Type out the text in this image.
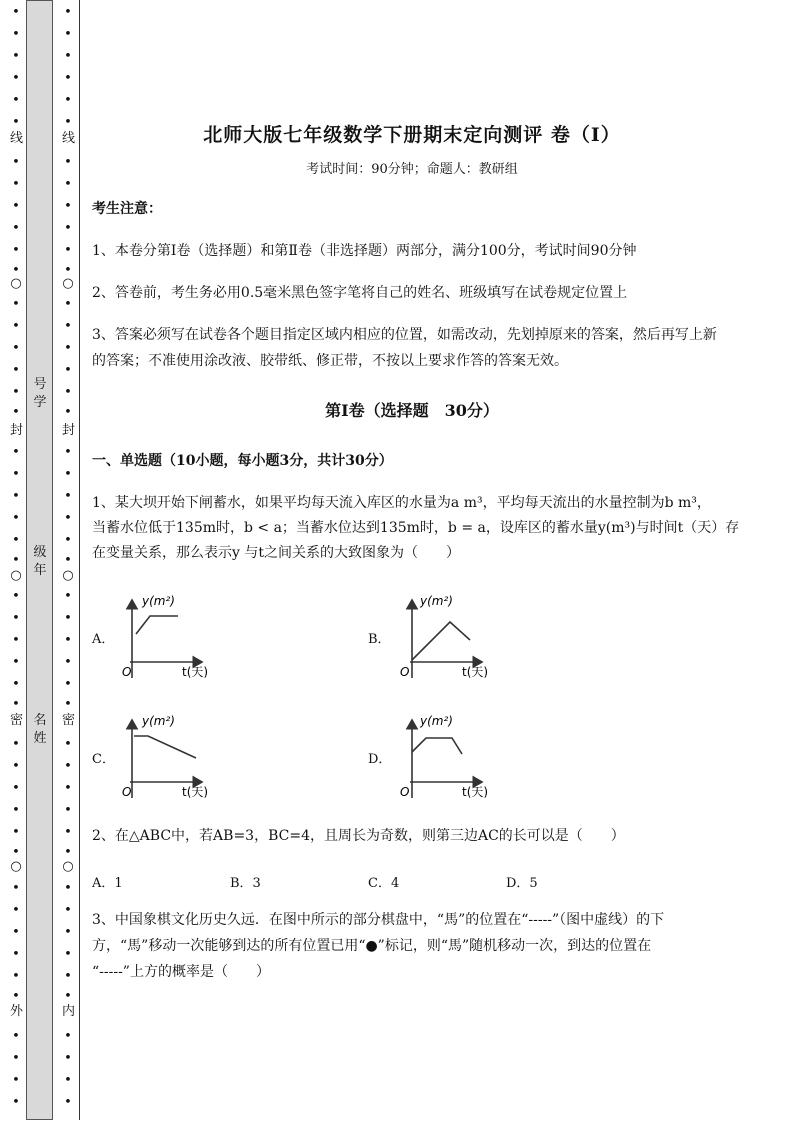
•
•
•
•
•
•
线
•
•
•
•
•
•
○
•
•
•
•
•
•
封
•
•
•
•
•
•
○
•
•
•
•
•
•
密
•
•
•
•
•
•
○
•
•
•
•
•
•
外
•
•
•
•
号学
级年
名姓
•
•
•
•
•
•
线
•
•
•
•
•
•
○
•
•
•
•
•
•
封
•
•
•
•
•
•
○
•
•
•
•
•
•
密
•
•
•
•
•
•
○
•
•
•
•
•
•
内
•
•
•
•
北师大版七年级数学下册期末定向测评 卷（Ⅰ）
考试时间：90分钟；命题人：教研组
考生注意：
1、本卷分第Ⅰ卷（选择题）和第Ⅱ卷（非选择题）两部分，满分100分，考试时间90分钟
2、答卷前，考生务必用0.5毫米黑色签字笔将自己的姓名、班级填写在试卷规定位置上
3、答案必须写在试卷各个题目指定区域内相应的位置，如需改动，先划掉原来的答案，然后再写上新
的答案；不准使用涂改液、胶带纸、修正带，不按以上要求作答的答案无效。
第Ⅰ卷（选择题　30分）
一、单选题（10小题，每小题3分，共计30分）
1、某大坝开始下闸蓄水，如果平均每天流入库区的水量为a m³，平均每天流出的水量控制为b m³，
当蓄水位低于135m时，b < a；当蓄水位达到135m时，b = a，设库区的蓄水量y(m³)与时间t（天）存
在变量关系，那么表示y 与t之间关系的大致图象为（　　）
A．
y(m²)
O	t(天)
B．
y(m²)
O	t(天)
C．
y(m²)
O	t(天)
D．
y(m²)
O	t(天)
2、在△ABC中，若AB=3，BC=4，且周长为奇数，则第三边AC的长可以是（　　）
A．1	B．3	C．4	D．5
3、中国象棋文化历史久远．在图中所示的部分棋盘中，“馬”的位置在“-----”（图中虚线）的下
方，“馬”移动一次能够到达的所有位置已用“●”标记，则“馬”随机移动一次，到达的位置在
“-----”上方的概率是（　　）
